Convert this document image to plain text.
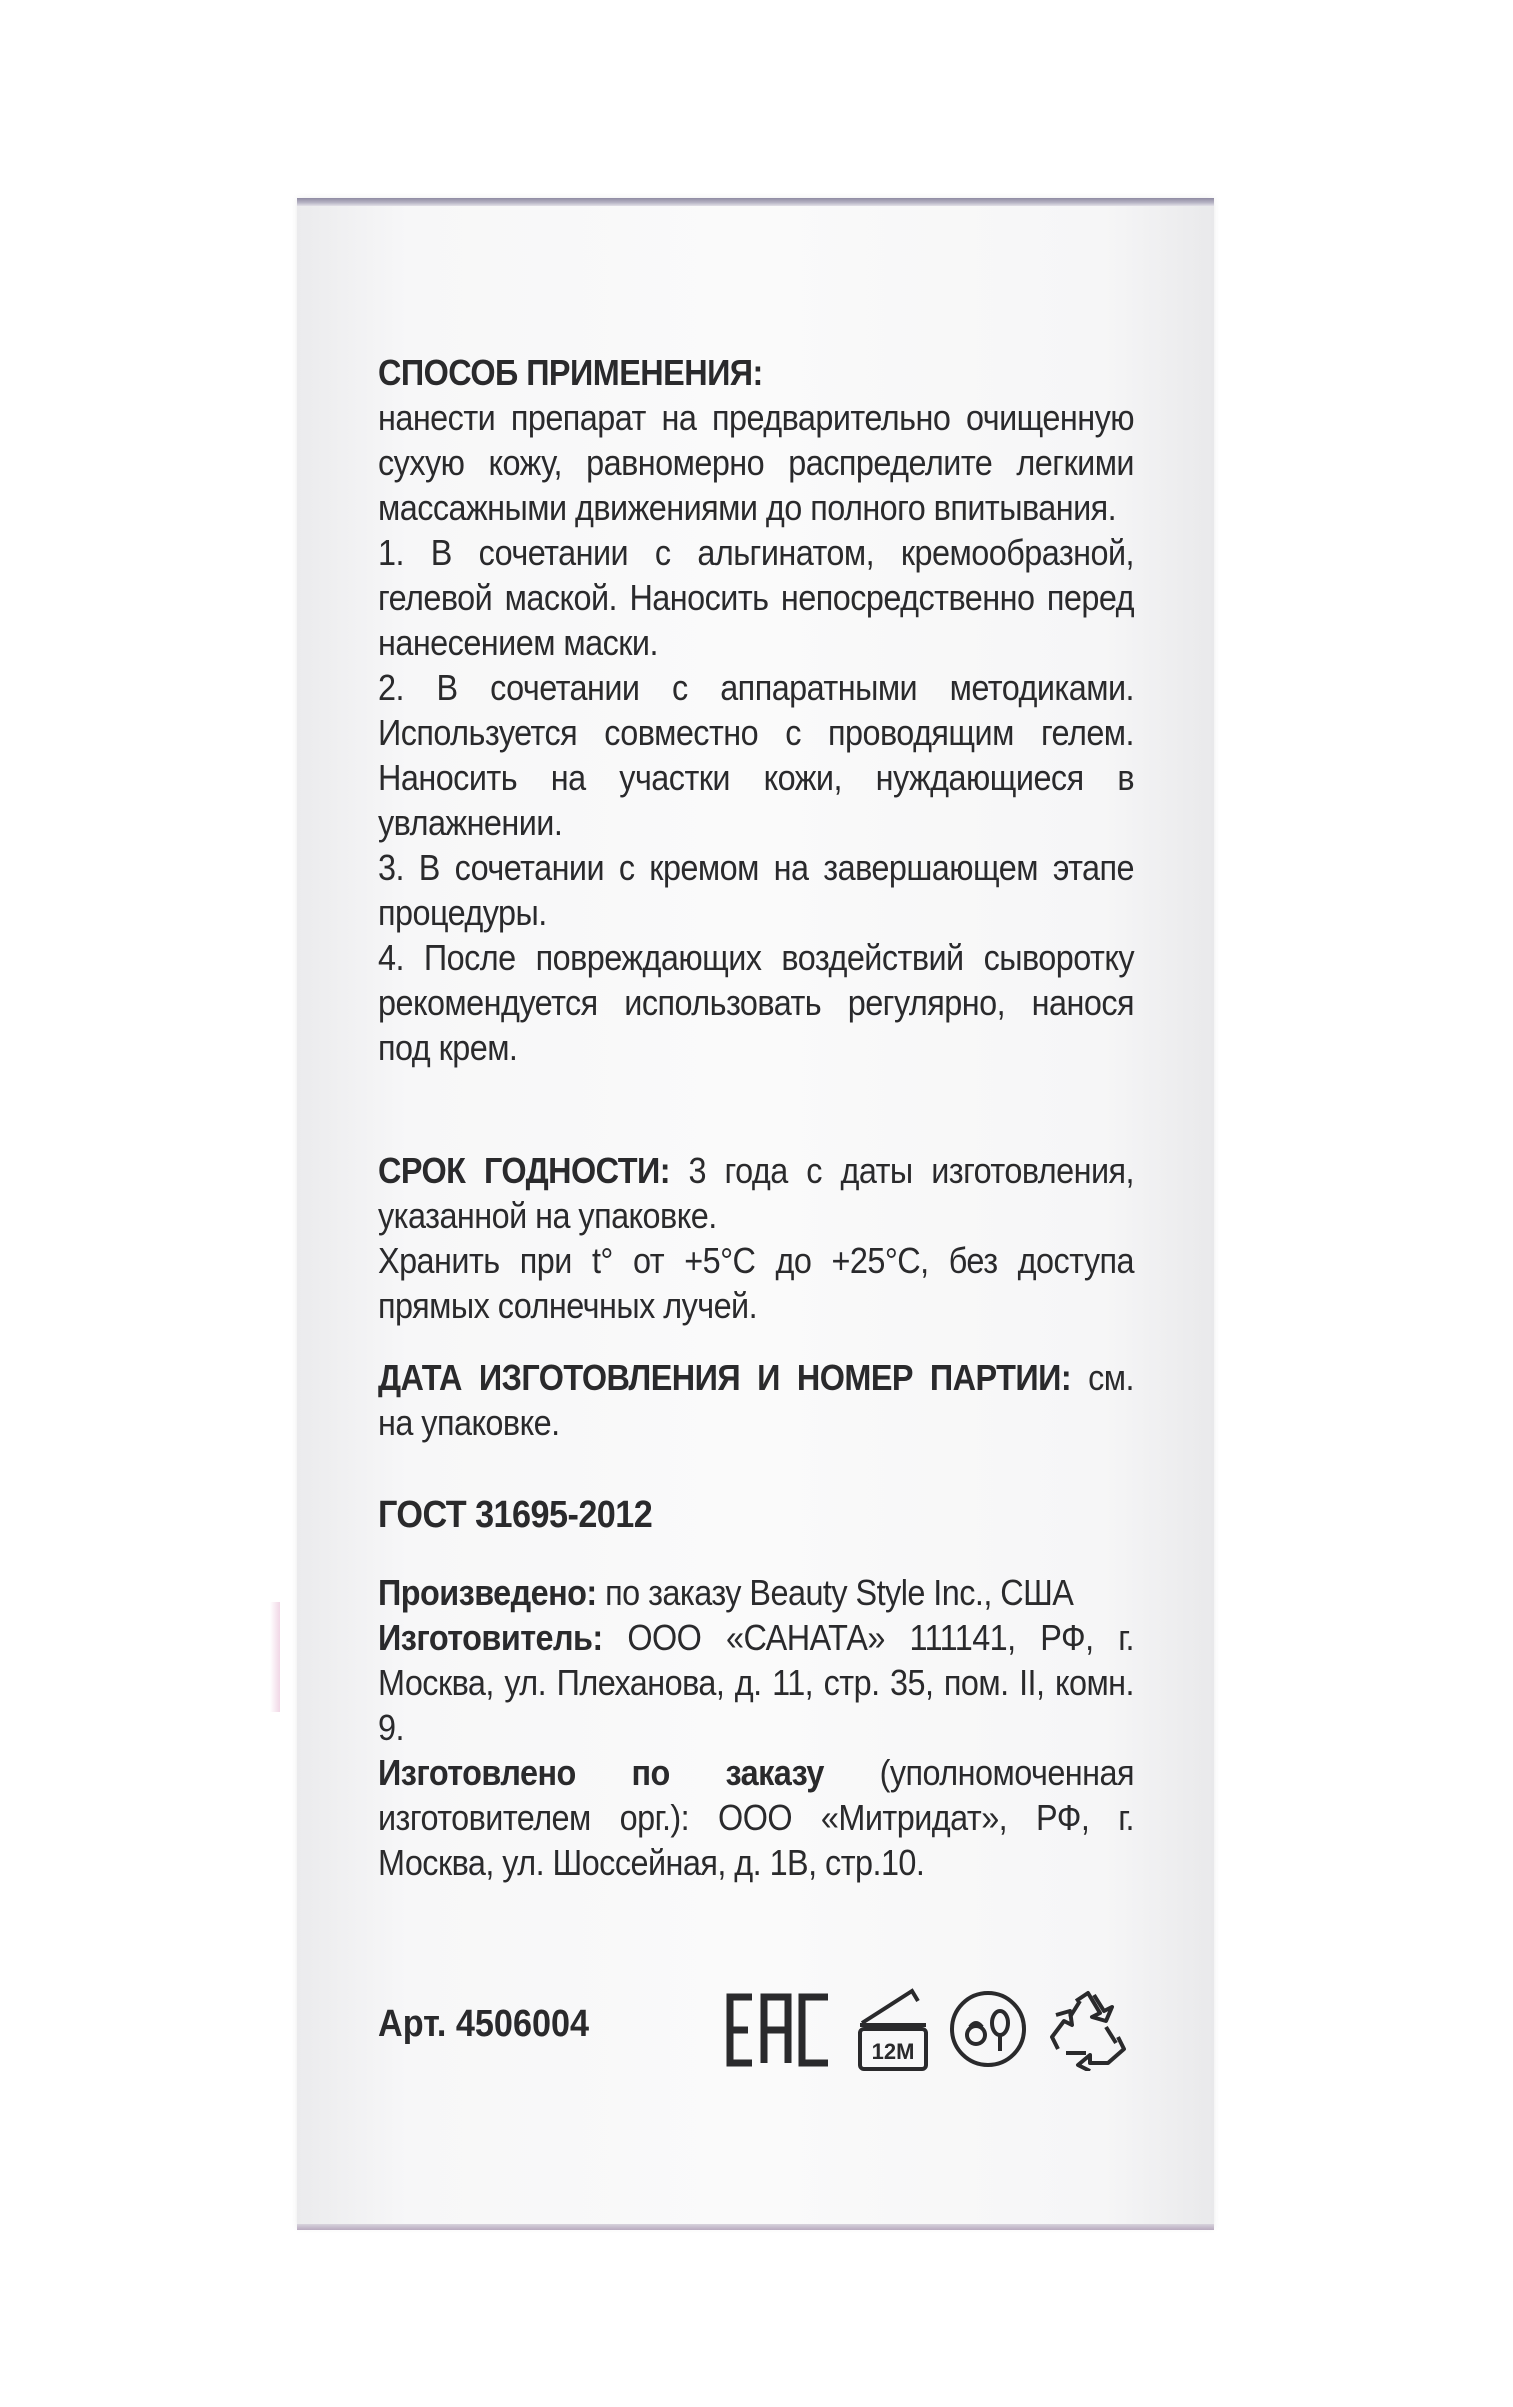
СПОСОБ ПРИМЕНЕНИЯ:

нанести препарат на предварительно очищенную сухую кожу, равномерно распределите легкими массажными движениями до полного впитывания.

1. В сочетании с альгинатом, кремообразной, гелевой маской. Наносить непосредственно перед нанесением маски.

2. В сочетании с аппаратными методиками. Используется совместно с проводящим гелем. Наносить на участки кожи, нуждающиеся в увлажнении.

3. В сочетании с кремом на завершающем этапе процедуры.

4. После повреждающих воздействий сыворотку рекомендуется использовать регулярно, нанося под крем.

СРОК ГОДНОСТИ: 3 года с даты изготовления, указанной на упаковке.

Хранить при t° от +5°C до +25°C, без доступа прямых солнечных лучей.

ДАТА ИЗГОТОВЛЕНИЯ И НОМЕР ПАРТИИ: см. на упаковке.

ГОСТ 31695-2012

Произведено: по заказу Beauty Style Inc., США

Изготовитель: ООО «САНАТА» 111141, РФ, г. Москва, ул. Плеханова, д. 11, стр. 35, пом. II, комн. 9.

Изготовлено по заказу (уполномоченная изготовителем орг.): ООО «Митридат», РФ, г. Москва, ул. Шоссейная, д. 1В, стр.10.

Арт. 4506004
12M
